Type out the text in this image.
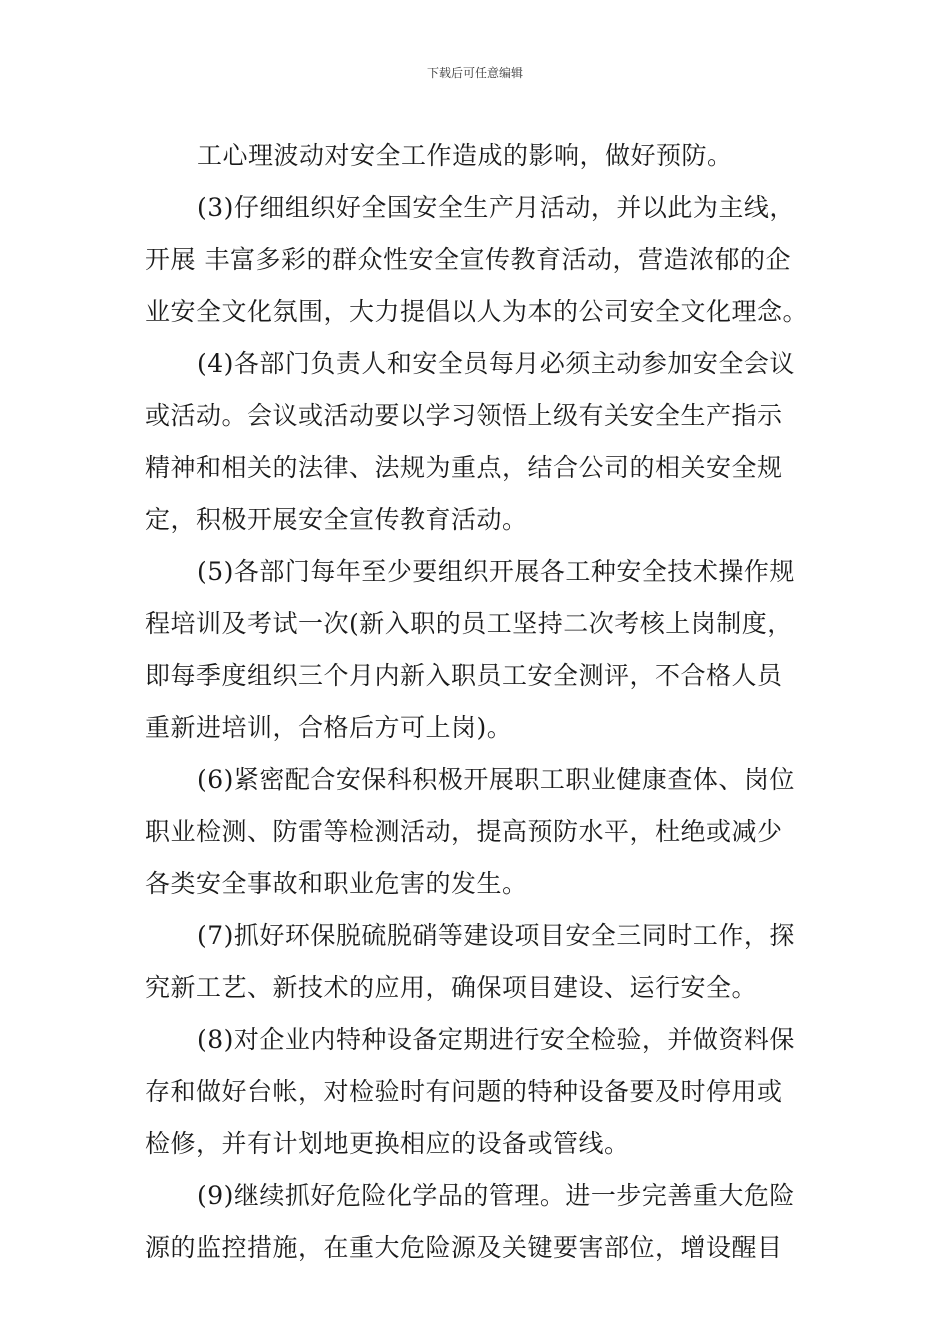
下载后可任意编辑
工心理波动对安全工作造成的影响，做好预防。
(3)仔细组织好全国安全生产月活动，并以此为主线，
开展 丰富多彩的群众性安全宣传教育活动，营造浓郁的企
业安全文化氛围，大力提倡以人为本的公司安全文化理念。
(4)各部门负责人和安全员每月必须主动参加安全会议
或活动。会议或活动要以学习领悟上级有关安全生产指示
精神和相关的法律、法规为重点，结合公司的相关安全规
定，积极开展安全宣传教育活动。
(5)各部门每年至少要组织开展各工种安全技术操作规
程培训及考试一次(新入职的员工坚持二次考核上岗制度，
即每季度组织三个月内新入职员工安全测评，不合格人员
重新进培训，合格后方可上岗)。
(6)紧密配合安保科积极开展职工职业健康查体、岗位
职业检测、防雷等检测活动，提高预防水平，杜绝或减少
各类安全事故和职业危害的发生。
(7)抓好环保脱硫脱硝等建设项目安全三同时工作，探
究新工艺、新技术的应用，确保项目建设、运行安全。
(8)对企业内特种设备定期进行安全检验，并做资料保
存和做好台帐，对检验时有问题的特种设备要及时停用或
检修，并有计划地更换相应的设备或管线。
(9)继续抓好危险化学品的管理。进一步完善重大危险
源的监控措施，在重大危险源及关键要害部位，增设醒目
